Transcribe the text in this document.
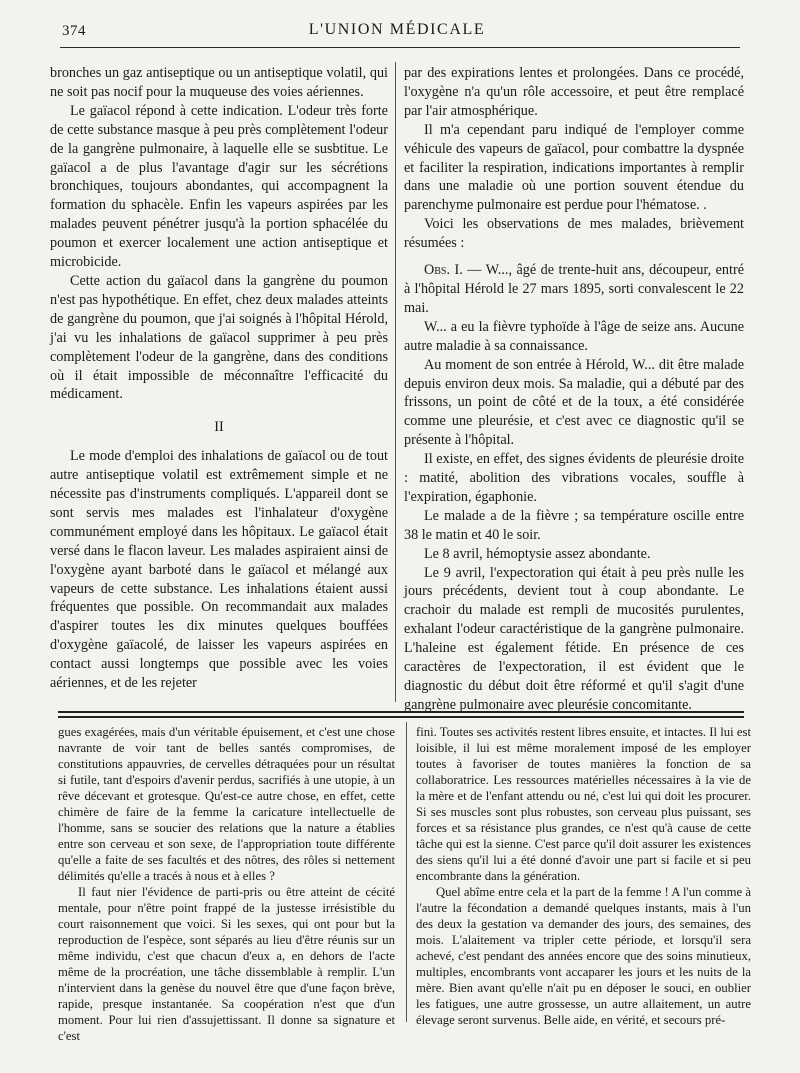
374	L'UNION MÉDICALE

bronches un gaz antiseptique ou un antiseptique volatil, qui ne soit pas nocif pour la muqueuse des voies aériennes.

Le gaïacol répond à cette indication. L'odeur très forte de cette substance masque à peu près complètement l'odeur de la gangrène pulmonaire, à laquelle elle se susbtitue. Le gaïacol a de plus l'avantage d'agir sur les sécrétions bronchiques, toujours abondantes, qui accompagnent la formation du sphacèle. Enfin les vapeurs aspirées par les malades peuvent pénétrer jusqu'à la portion sphacélée du poumon et exercer localement une action antiseptique et microbicide.

Cette action du gaïacol dans la gangrène du poumon n'est pas hypothétique. En effet, chez deux malades atteints de gangrène du poumon, que j'ai soignés à l'hôpital Hérold, j'ai vu les inhalations de gaïacol supprimer à peu près complètement l'odeur de la gangrène, dans des conditions où il était impossible de méconnaître l'efficacité du médicament.

II

Le mode d'emploi des inhalations de gaïacol ou de tout autre antiseptique volatil est extrêmement simple et ne nécessite pas d'instruments compliqués. L'appareil dont se sont servis mes malades est l'inhalateur d'oxygène communément employé dans les hôpitaux. Le gaïacol était versé dans le flacon laveur. Les malades aspiraient ainsi de l'oxygène ayant barboté dans le gaïacol et mélangé aux vapeurs de cette substance. Les inhalations étaient aussi fréquentes que possible. On recommandait aux malades d'aspirer toutes les dix minutes quelques bouffées d'oxygène gaïacolé, de laisser les vapeurs aspirées en contact aussi longtemps que possible avec les voies aériennes, et de les rejeter

par des expirations lentes et prolongées. Dans ce procédé, l'oxygène n'a qu'un rôle accessoire, et peut être remplacé par l'air atmosphérique.

Il m'a cependant paru indiqué de l'employer comme véhicule des vapeurs de gaïacol, pour combattre la dyspnée et faciliter la respiration, indications importantes à remplir dans une maladie où une portion souvent étendue du parenchyme pulmonaire est perdue pour l'hématose. .

Voici les observations de mes malades, brièvement résumées :

Obs. I. — W..., âgé de trente-huit ans, découpeur, entré à l'hôpital Hérold le 27 mars 1895, sorti convalescent le 22 mai.

W... a eu la fièvre typhoïde à l'âge de seize ans. Aucune autre maladie à sa connaissance.

Au moment de son entrée à Hérold, W... dit être malade depuis environ deux mois. Sa maladie, qui a débuté par des frissons, un point de côté et de la toux, a été considérée comme une pleurésie, et c'est avec ce diagnostic qu'il se présente à l'hôpital.

Il existe, en effet, des signes évidents de pleurésie droite : matité, abolition des vibrations vocales, souffle à l'expiration, égaphonie.

Le malade a de la fièvre ; sa température oscille entre 38 le matin et 40 le soir.

Le 8 avril, hémoptysie assez abondante.

Le 9 avril, l'expectoration qui était à peu près nulle les jours précédents, devient tout à coup abondante. Le crachoir du malade est rempli de mucosités purulentes, exhalant l'odeur caractéristique de la gangrène pulmonaire. L'haleine est également fétide. En présence de ces caractères de l'expectoration, il est évident que le diagnostic du début doit être réformé et qu'il s'agit d'une gangrène pulmonaire avec pleurésie concomitante.

gues exagérées, mais d'un véritable épuisement, et c'est une chose navrante de voir tant de belles santés compromises, de constitutions appauvries, de cervelles détraquées pour un résultat si futile, tant d'espoirs d'avenir perdus, sacrifiés à une utopie, à un rêve décevant et grotesque. Qu'est-ce autre chose, en effet, cette chimère de faire de la femme la caricature intellectuelle de l'homme, sans se soucier des relations que la nature a établies entre son cerveau et son sexe, de l'appropriation toute différente qu'elle a faite de ses facultés et des nôtres, des rôles si nettement délimités qu'elle a tracés à nous et à elles ?

Il faut nier l'évidence de parti-pris ou être atteint de cécité mentale, pour n'être point frappé de la justesse irrésistible du court raisonnement que voici. Si les sexes, qui ont pour but la reproduction de l'espèce, sont séparés au lieu d'être réunis sur un même individu, c'est que chacun d'eux a, en dehors de l'acte même de la procréation, une tâche dissemblable à remplir. L'un n'intervient dans la genèse du nouvel être que d'une façon brève, rapide, presque instantanée. Sa coopération n'est que d'un moment. Pour lui rien d'assujettissant. Il donne sa signature et c'est

fini. Toutes ses activités restent libres ensuite, et intactes. Il lui est loisible, il lui est même moralement imposé de les employer toutes à favoriser de toutes manières la fonction de sa collaboratrice. Les ressources matérielles nécessaires à la vie de la mère et de l'enfant attendu ou né, c'est lui qui doit les procurer. Si ses muscles sont plus robustes, son cerveau plus puissant, ses forces et sa résistance plus grandes, ce n'est qu'à cause de cette tâche qui est la sienne. C'est parce qu'il doit assurer les existences des siens qu'il lui a été donné d'avoir une part si facile et si peu encombrante dans la génération.

Quel abîme entre cela et la part de la femme ! A l'un comme à l'autre la fécondation a demandé quelques instants, mais à l'un des deux la gestation va demander des jours, des semaines, des mois. L'alaitement va tripler cette période, et lorsqu'il sera achevé, c'est pendant des années encore que des soins minutieux, multiples, encombrants vont accaparer les jours et les nuits de la mère. Bien avant qu'elle n'ait pu en déposer le souci, en oublier les fatigues, une autre grossesse, un autre allaitement, un autre élevage seront survenus. Belle aide, en vérité, et secours pré-
